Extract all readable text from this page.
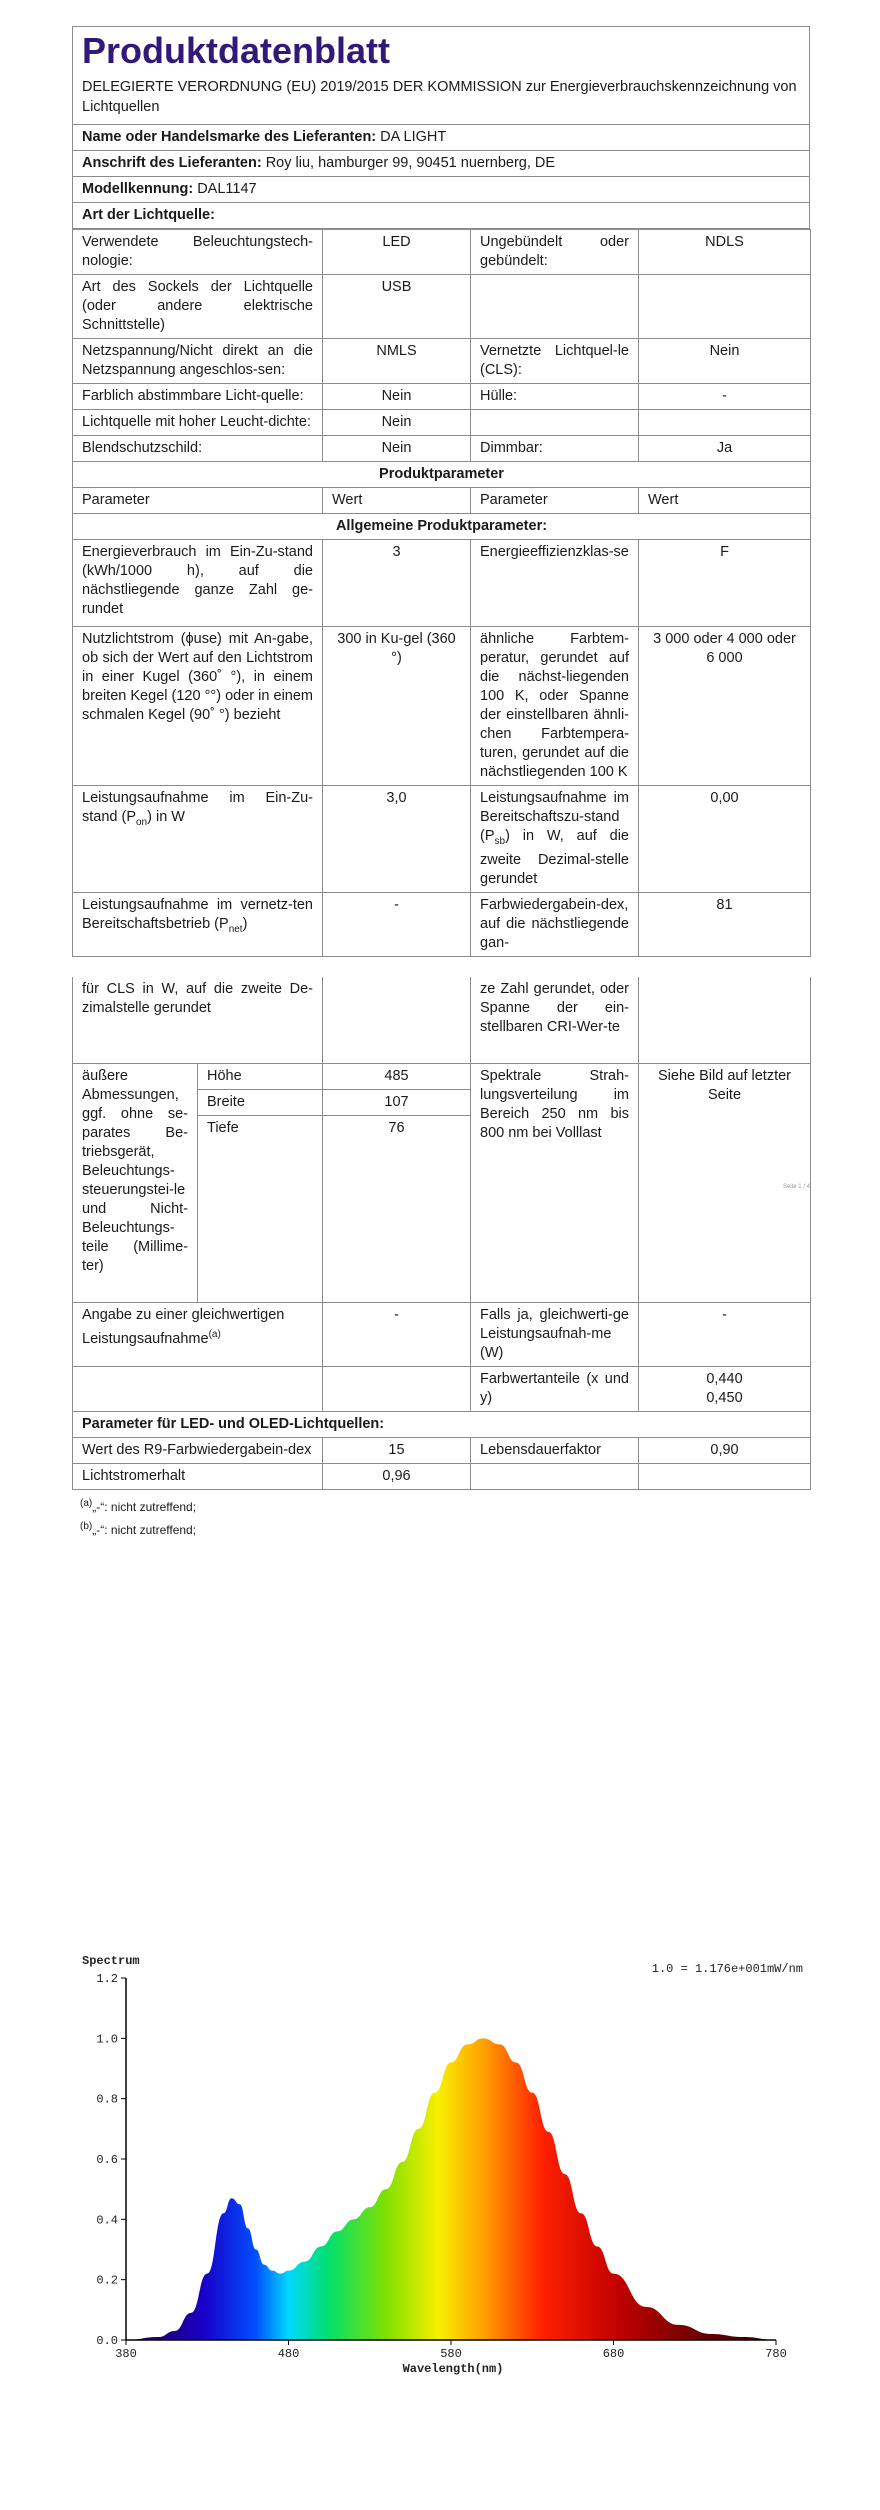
Produktdatenblatt
DELEGIERTE VERORDNUNG (EU) 2019/2015 DER KOMMISSION zur Energieverbrauchskennzeichnung von Lichtquellen
Name oder Handelsmarke des Lieferanten: DA LIGHT
Anschrift des Lieferanten: Roy liu, hamburger 99, 90451 nuernberg, DE
Modellkennung: DAL1147
Art der Lichtquelle:
Verwendete Beleuchtungstech-nologie:	LED	Ungebündelt oder gebündelt:	NDLS
Art des Sockels der Lichtquelle (oder andere elektrische Schnittstelle)	USB		
Netzspannung/Nicht direkt an die Netzspannung angeschlos-sen:	NMLS	Vernetzte Lichtquel-le (CLS):	Nein
Farblich abstimmbare Licht-quelle:	Nein	Hülle:	-
Lichtquelle mit hoher Leucht-dichte:	Nein		
Blendschutzschild:	Nein	Dimmbar:	Ja
Produktparameter			
Parameter	Wert	Parameter	Wert
Allgemeine Produktparameter:			
Energieverbrauch im Ein-Zu-stand (kWh/1000 h), auf die nächstliegende ganze Zahl ge-rundet	3	Energieeffizienzklas-se	F
Nutzlichtstrom (ϕuse) mit An-gabe, ob sich der Wert auf den Lichtstrom in einer Kugel (360˚ °), in einem breiten Kegel (120 °°) oder in einem schmalen Kegel (90˚ °) bezieht	300 in Ku-gel (360 °)	ähnliche Farbtem-peratur, gerundet auf die nächst-liegenden 100 K, oder Spanne der einstellbaren ähnli-chen Farbtempera-turen, gerundet auf die nächstliegenden 100 K	3 000 oder 4 000 oder 6 000
Leistungsaufnahme im Ein-Zu-stand $(P_{on})$ in W	3,0	Leistungsaufnahme im Bereitschaftszu-stand $(P_{sb})$ in W, auf die zweite Dezimal-stelle gerundet	0,00
Leistungsaufnahme im vernetz-ten Bereitschaftsbetrieb $(P_{net})$	-	Farbwiedergabein-dex, auf die nächstliegende gan-	81
für CLS in W, auf die zweite De-zimalstelle gerundet			ze Zahl gerundet, oder Spanne der ein-stellbaren CRI-Wer-te	
äußere Abmessungen, ggf. ohne se-parates Be-triebsgerät, Beleuchtungs-steuerungstei-le und Nicht-Beleuchtungs-teile (Millime-ter)	Höhe	485	Spektrale Strah-lungsverteilung im Bereich 250 nm bis 800 nm bei Volllast	Siehe Bild auf letzter Seite
	Breite	107		
	Tiefe	76		
Angabe zu einer gleichwertigen Leistungsaufnahme$^{(a)}$		-	Falls ja, gleichwerti-ge Leistungsaufnah-me (W)	-
			Farbwertanteile (x und y)	0,440
0,450

Parameter für LED- und OLED-Lichtquellen:				
Wert des R9-Farbwiedergabein-dex		15	Lebensdauerfaktor	0,90
Lichtstromerhalt		0,96		
$^{(a)}$„-“: nicht zutreffend;
$^{(b)}$„-“: nicht zutreffend;
Seite 1 / 4
Spectrum
1.0 = 1.176e+001mW/nm
380	480	580	680	780
0.0
0.2
0.4
0.6
0.8
1.0
1.2
Wavelength(nm)
